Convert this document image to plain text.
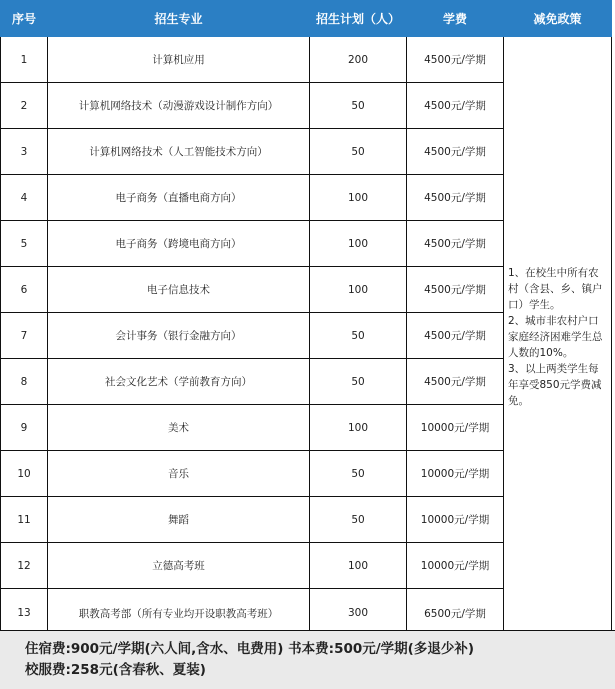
序号	招生专业	招生计划（人）	学费	减免政策
1	计算机应用	200	4500元/学期	1、在校生中所有农村（含县、乡、镇户口）学生。

2、城市非农村户口家庭经济困难学生总人数的10%。

3、以上两类学生每年享受850元学费减免。

2	计算机网络技术（动漫游戏设计制作方向）	50	4500元/学期	
3	计算机网络技术（人工智能技术方向）	50	4500元/学期	
4	电子商务（直播电商方向）	100	4500元/学期	
5	电子商务（跨境电商方向）	100	4500元/学期	
6	电子信息技术	100	4500元/学期	
7	会计事务（银行金融方向）	50	4500元/学期	
8	社会文化艺术（学前教育方向）	50	4500元/学期	
9	美术	100	10000元/学期	
10	音乐	50	10000元/学期	
11	舞蹈	50	10000元/学期	
12	立德高考班	100	10000元/学期	
13	职教高考部（所有专业均开设职教高考班）	300	6500元/学期	

住宿费:900元/学期(六人间,含水、电费用) 书本费:500元/学期(多退少补)

校服费:258元(含春秋、夏装)
